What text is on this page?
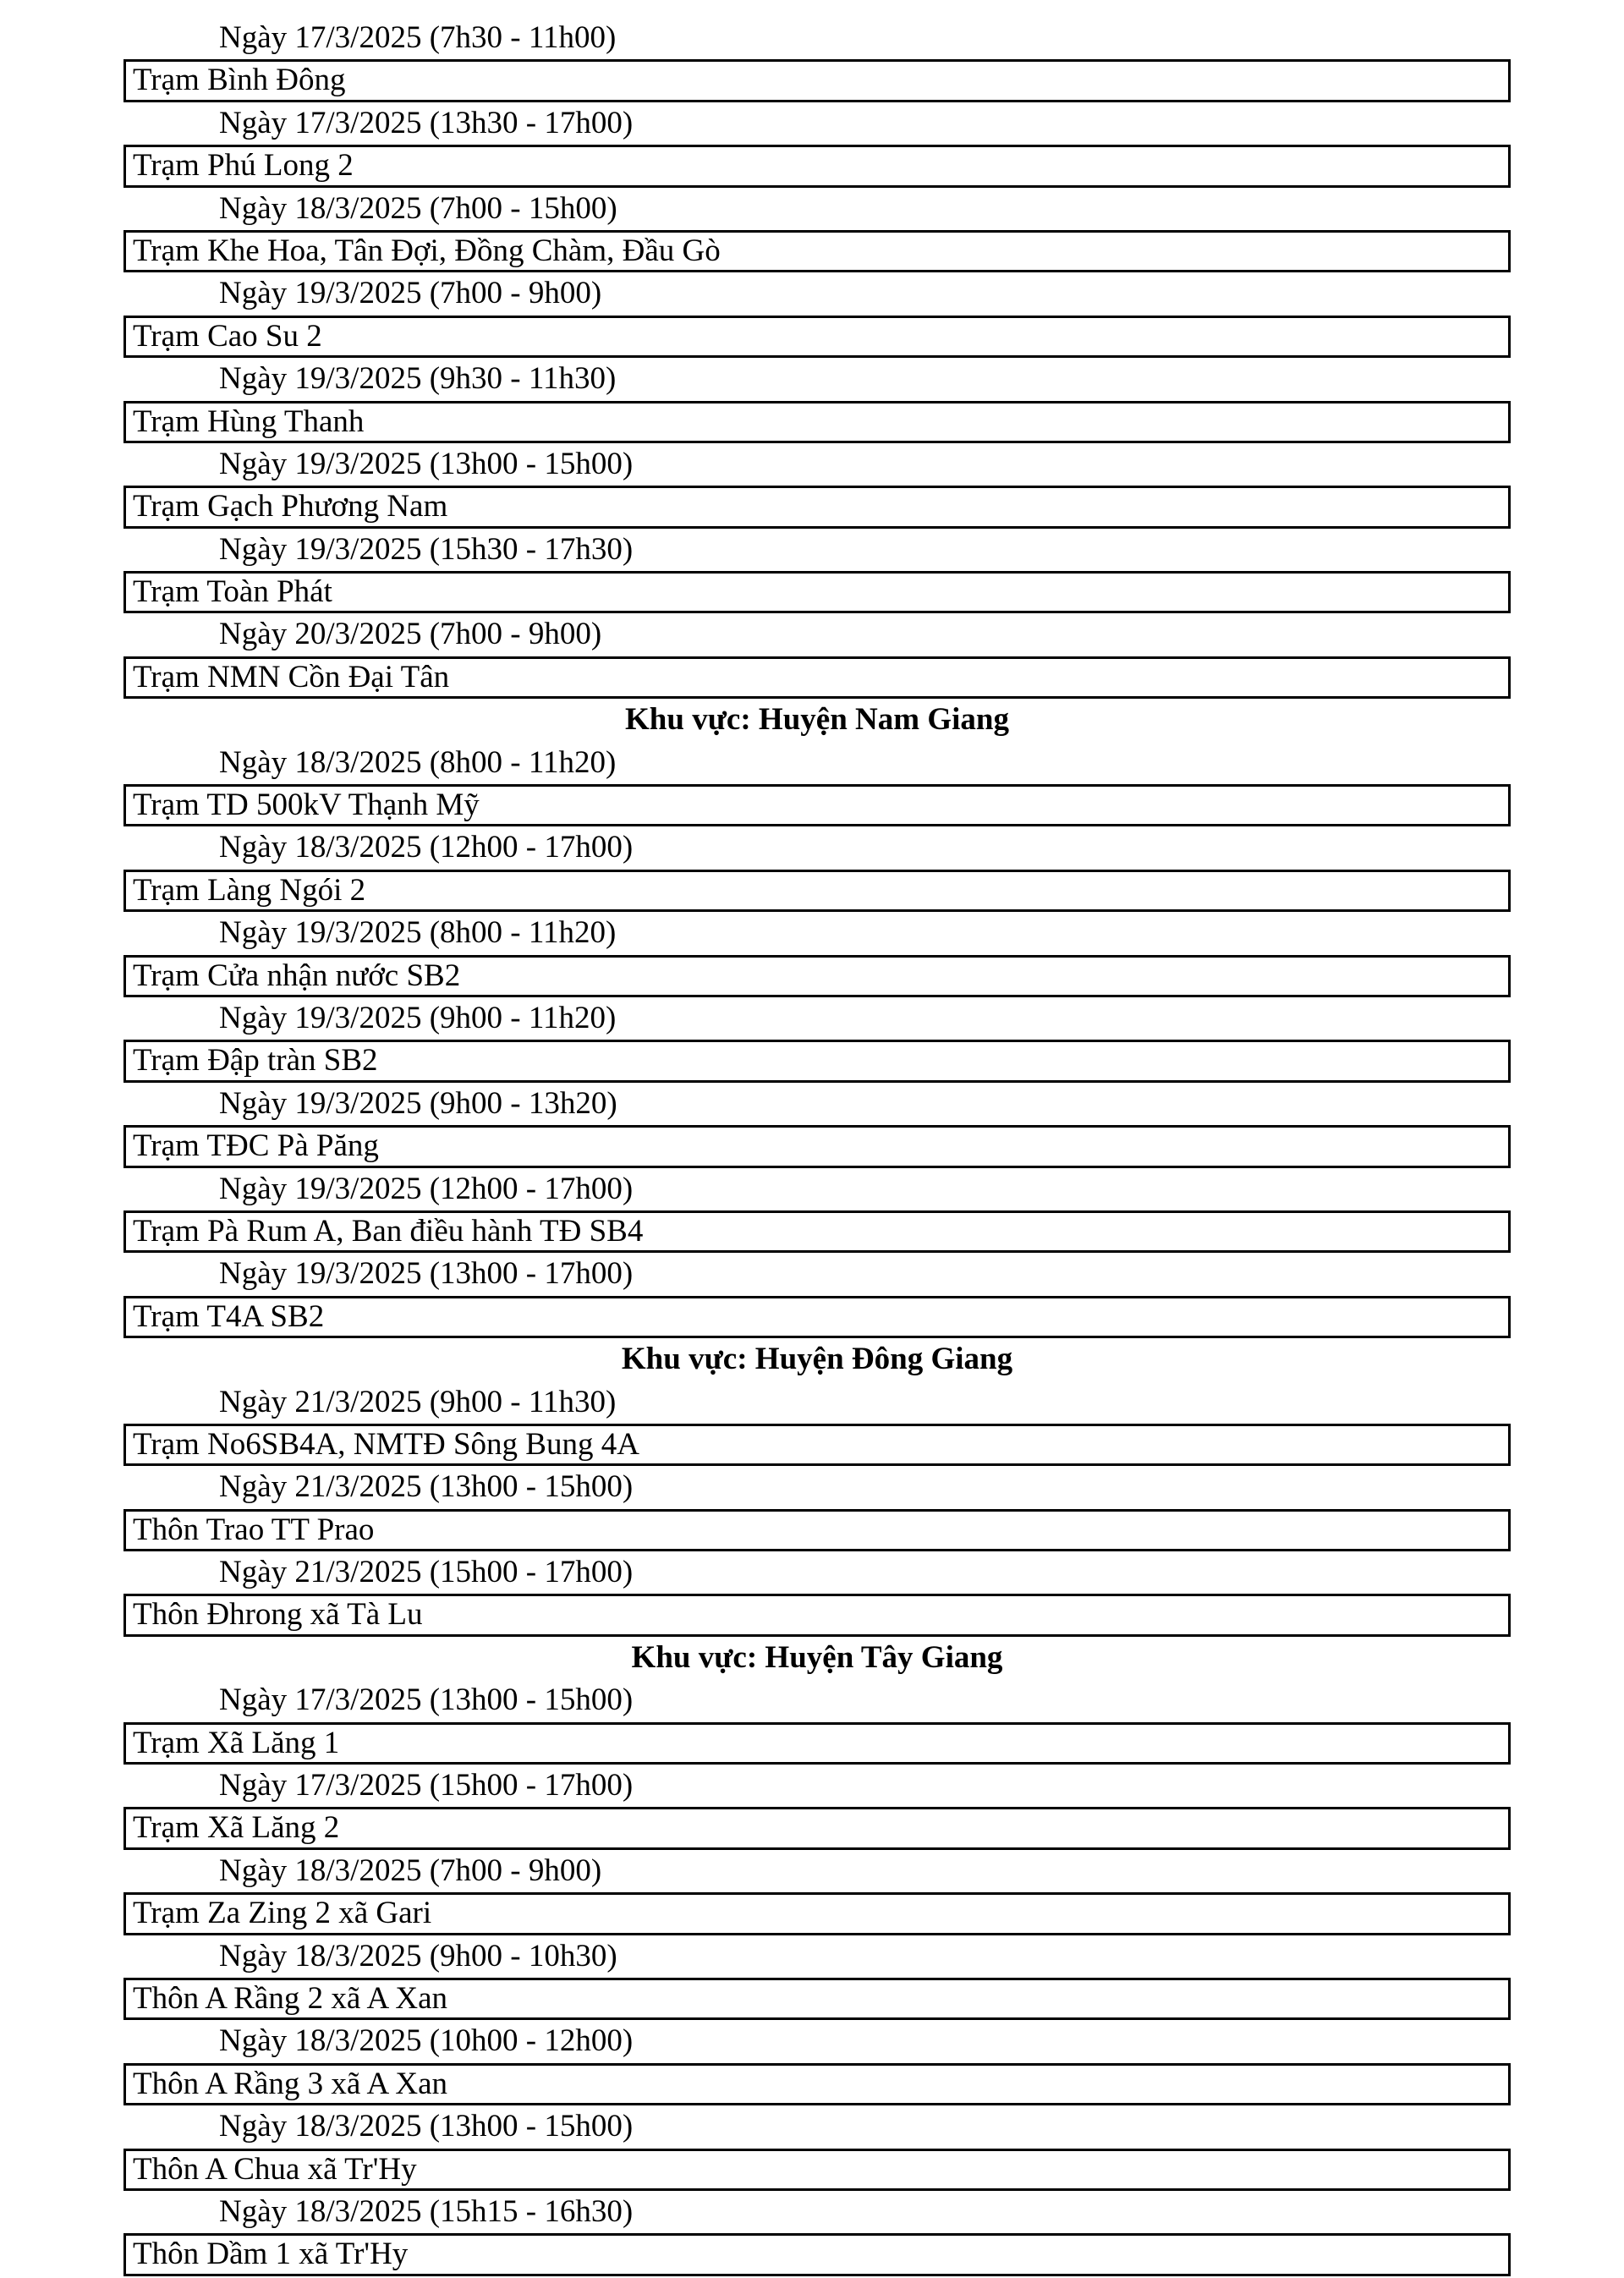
Ngày 17/3/2025 (7h30 - 11h00)
Trạm Bình Đông
Ngày 17/3/2025 (13h30 - 17h00)
Trạm Phú Long 2
Ngày 18/3/2025 (7h00 - 15h00)
Trạm Khe Hoa, Tân Đợi, Đồng Chàm, Đầu Gò
Ngày 19/3/2025 (7h00 - 9h00)
Trạm Cao Su 2
Ngày 19/3/2025 (9h30 - 11h30)
Trạm Hùng Thanh
Ngày 19/3/2025 (13h00 - 15h00)
Trạm Gạch Phương Nam
Ngày 19/3/2025 (15h30 - 17h30)
Trạm Toàn Phát
Ngày 20/3/2025 (7h00 - 9h00)
Trạm NMN Cồn Đại Tân
Khu vực: Huyện Nam Giang
Ngày 18/3/2025 (8h00 - 11h20)
Trạm TD 500kV Thạnh Mỹ
Ngày 18/3/2025 (12h00 - 17h00)
Trạm Làng Ngói 2
Ngày 19/3/2025 (8h00 - 11h20)
Trạm Cửa nhận nước SB2
Ngày 19/3/2025 (9h00 - 11h20)
Trạm Đập tràn SB2
Ngày 19/3/2025 (9h00 - 13h20)
Trạm TĐC Pà Păng
Ngày 19/3/2025 (12h00 - 17h00)
Trạm Pà Rum A, Ban điều hành TĐ SB4
Ngày 19/3/2025 (13h00 - 17h00)
Trạm T4A SB2
Khu vực: Huyện Đông Giang
Ngày 21/3/2025 (9h00 - 11h30)
Trạm No6SB4A, NMTĐ Sông Bung 4A
Ngày 21/3/2025 (13h00 - 15h00)
Thôn Trao TT Prao
Ngày 21/3/2025 (15h00 - 17h00)
Thôn Đhrong xã Tà Lu
Khu vực: Huyện Tây Giang
Ngày 17/3/2025 (13h00 - 15h00)
Trạm Xã Lăng 1
Ngày 17/3/2025 (15h00 - 17h00)
Trạm Xã Lăng 2
Ngày 18/3/2025 (7h00 - 9h00)
Trạm Za Zing 2 xã Gari
Ngày 18/3/2025 (9h00 - 10h30)
Thôn A Rầng 2 xã A Xan
Ngày 18/3/2025 (10h00 - 12h00)
Thôn A Rầng 3 xã A Xan
Ngày 18/3/2025 (13h00 - 15h00)
Thôn A Chua xã Tr'Hy
Ngày 18/3/2025 (15h15 - 16h30)
Thôn Dầm 1 xã Tr'Hy
